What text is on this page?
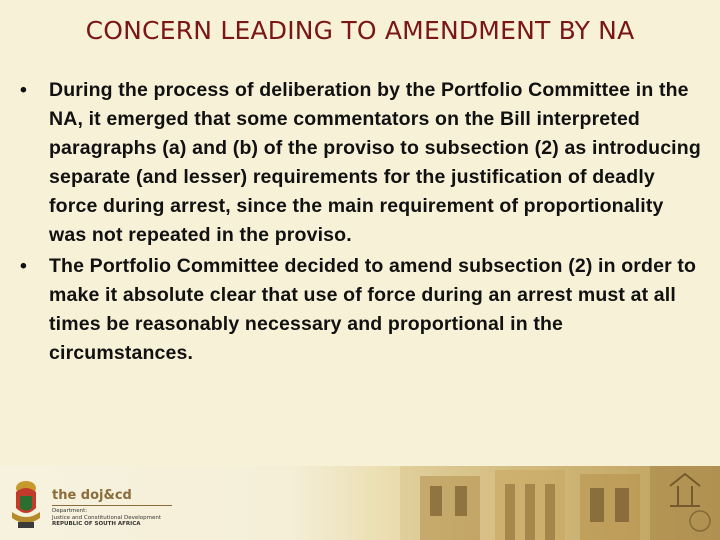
CONCERN LEADING TO AMENDMENT BY NA
• During the process of deliberation by the Portfolio Committee in the NA, it emerged that some commentators on the Bill interpreted paragraphs (a) and (b) of the proviso to subsection (2) as introducing separate (and lesser) requirements for the justification of deadly force during arrest, since the main requirement of proportionality was not repeated in the proviso.
• The Portfolio Committee decided to amend subsection (2) in order to make it absolute clear that use of force during an arrest must at all times be reasonably necessary and proportional in the circumstances.
the doj&cd
Department:
Justice and Constitutional Development
REPUBLIC OF SOUTH AFRICA
